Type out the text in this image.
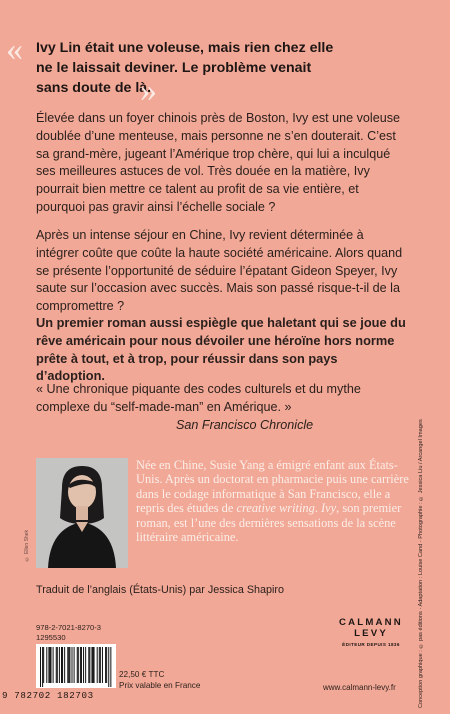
« Ivy Lin était une voleuse, mais rien chez elle
ne le laissait deviner. Le problème venait
sans doute de là.
»
Élevée dans un foyer chinois près de Boston, Ivy est une voleuse doublée d’une menteuse, mais personne ne s’en douterait. C’est sa grand-mère, jugeant l’Amérique trop chère, qui lui a inculqué ses meilleures astuces de vol. Très douée en la matière, Ivy pourrait bien mettre ce talent au profit de sa vie entière, et pourquoi pas gravir ainsi l’échelle sociale ?
Après un intense séjour en Chine, Ivy revient déterminée à intégrer coûte que coûte la haute société américaine. Alors quand se présente l’opportunité de séduire l’épatant Gideon Speyer, Ivy saute sur l’occasion avec succès. Mais son passé risque-t-il de la compromettre ?
Un premier roman aussi espiègle que haletant qui se joue du rêve américain pour nous dévoiler une héroïne hors norme prête à tout, et à trop, pour réussir dans son pays d’adoption.
« Une chronique piquante des codes culturels et du mythe complexe du “self-made-man” en Amérique. »
San Francisco Chronicle
© Ellen Shek
Née en Chine, Susie Yang a émigré enfant aux États-Unis. Après un doctorat en pharmacie puis une carrière dans le codage informatique à San Francisco, elle a repris des études de creative writing. Ivy, son premier roman, est l’une des dernières sensations de la scène littéraire américaine.
Traduit de l’anglais (États-Unis) par Jessica Shapiro
978-2-7021-8270-3
1295530
9 782702 182703
22,50 € TTC
Prix valable en France
CALMANN
LEVY
ÉDITEUR DEPUIS 1836
www.calmann-levy.fr	Conception graphique : © pas éditions · Adaptation : Louise Cand · Photographie : © Jessica Liu / Arcangel Images
